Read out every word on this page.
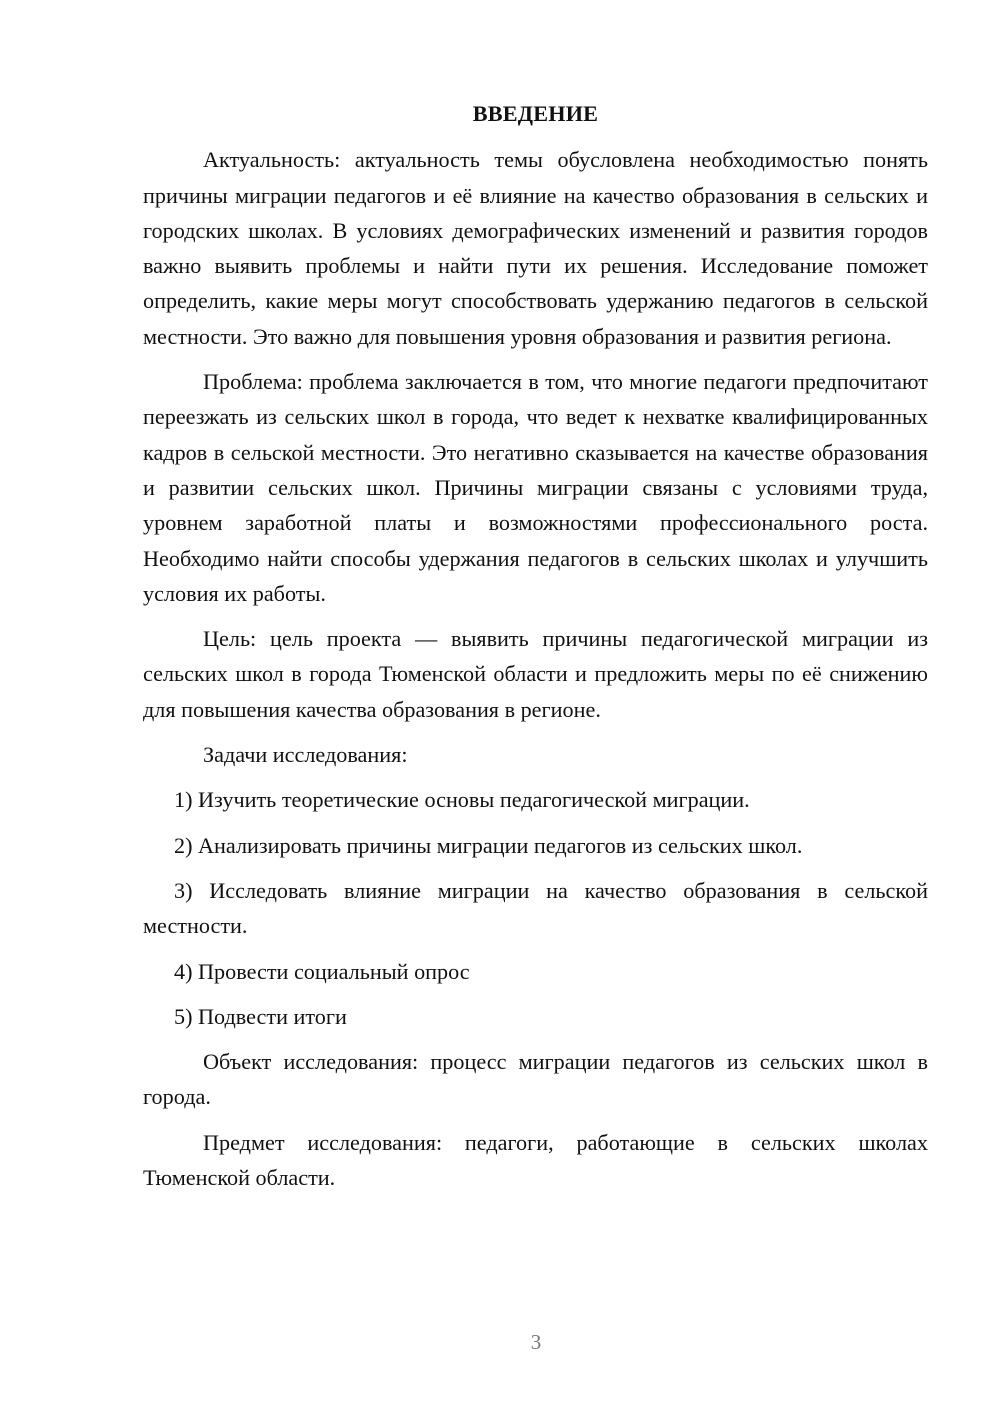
ВВЕДЕНИЕ

Актуальность: актуальность темы обусловлена необходимостью понять причины миграции педагогов и её влияние на качество образования в сельских и городских школах. В условиях демографических изменений и развития городов важно выявить проблемы и найти пути их решения. Исследование поможет определить, какие меры могут способствовать удержанию педагогов в сельской местности. Это важно для повышения уровня образования и развития региона.

Проблема: проблема заключается в том, что многие педагоги предпочитают переезжать из сельских школ в города, что ведет к нехватке квалифицированных кадров в сельской местности. Это негативно сказывается на качестве образования и развитии сельских школ. Причины миграции связаны с условиями труда, уровнем заработной платы и возможностями профессионального роста. Необходимо найти способы удержания педагогов в сельских школах и улучшить условия их работы.

Цель: цель проекта — выявить причины педагогической миграции из сельских школ в города Тюменской области и предложить меры по её снижению для повышения качества образования в регионе.

Задачи исследования:

1) Изучить теоретические основы педагогической миграции.

2) Анализировать причины миграции педагогов из сельских школ.

3) Исследовать влияние миграции на качество образования в сельской местности.

4) Провести социальный опрос

5) Подвести итоги

Объект исследования: процесс миграции педагогов из сельских школ в города.

Предмет исследования: педагоги, работающие в сельских школах Тюменской области.

3
